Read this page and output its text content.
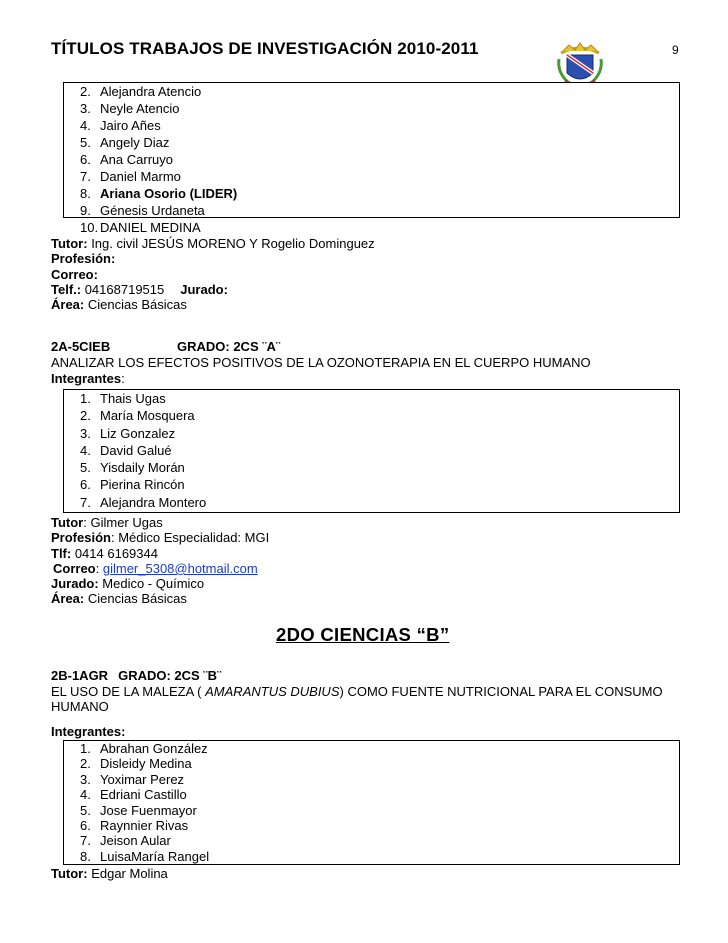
TÍTULOS TRABAJOS DE INVESTIGACIÓN 2010-2011	9
2. Alejandra Atencio
3. Neyle Atencio
4. Jairo Añes
5. Angely Diaz
6. Ana Carruyo
7. Daniel Marmo
8. Ariana Osorio (LIDER)
9. Génesis Urdaneta
10. DANIEL MEDINA
Tutor: Ing. civil JESÚS MORENO Y Rogelio Dominguez
Profesión:
Correo:
Telf.: 04168719515 Jurado:
Área: Ciencias Básicas
2A-5CIEB	GRADO: 2CS ¨A¨
ANALIZAR LOS EFECTOS POSITIVOS DE LA OZONOTERAPIA EN EL CUERPO HUMANO
Integrantes:
1. Thais Ugas
2. María Mosquera
3. Liz Gonzalez
4. David Galué
5. Yisdaily Morán
6. Pierina Rincón
7. Alejandra Montero
Tutor: Gilmer Ugas
Profesión: Médico Especialidad: MGI
Tlf: 0414 6169344
Correo: gilmer_5308@hotmail.com
Jurado: Medico - Químico
Área: Ciencias Básicas
2DO CIENCIAS “B”
2B-1AGR GRADO: 2CS ¨B¨
EL USO DE LA MALEZA ( AMARANTUS DUBIUS) COMO FUENTE NUTRICIONAL PARA EL CONSUMO
HUMANO
Integrantes:
1. Abrahan González
2. Disleidy Medina
3. Yoximar Perez
4. Edriani Castillo
5. Jose Fuenmayor
6. Raynnier Rivas
7. Jeison Aular
8. LuisaMaría Rangel
Tutor: Edgar Molina
